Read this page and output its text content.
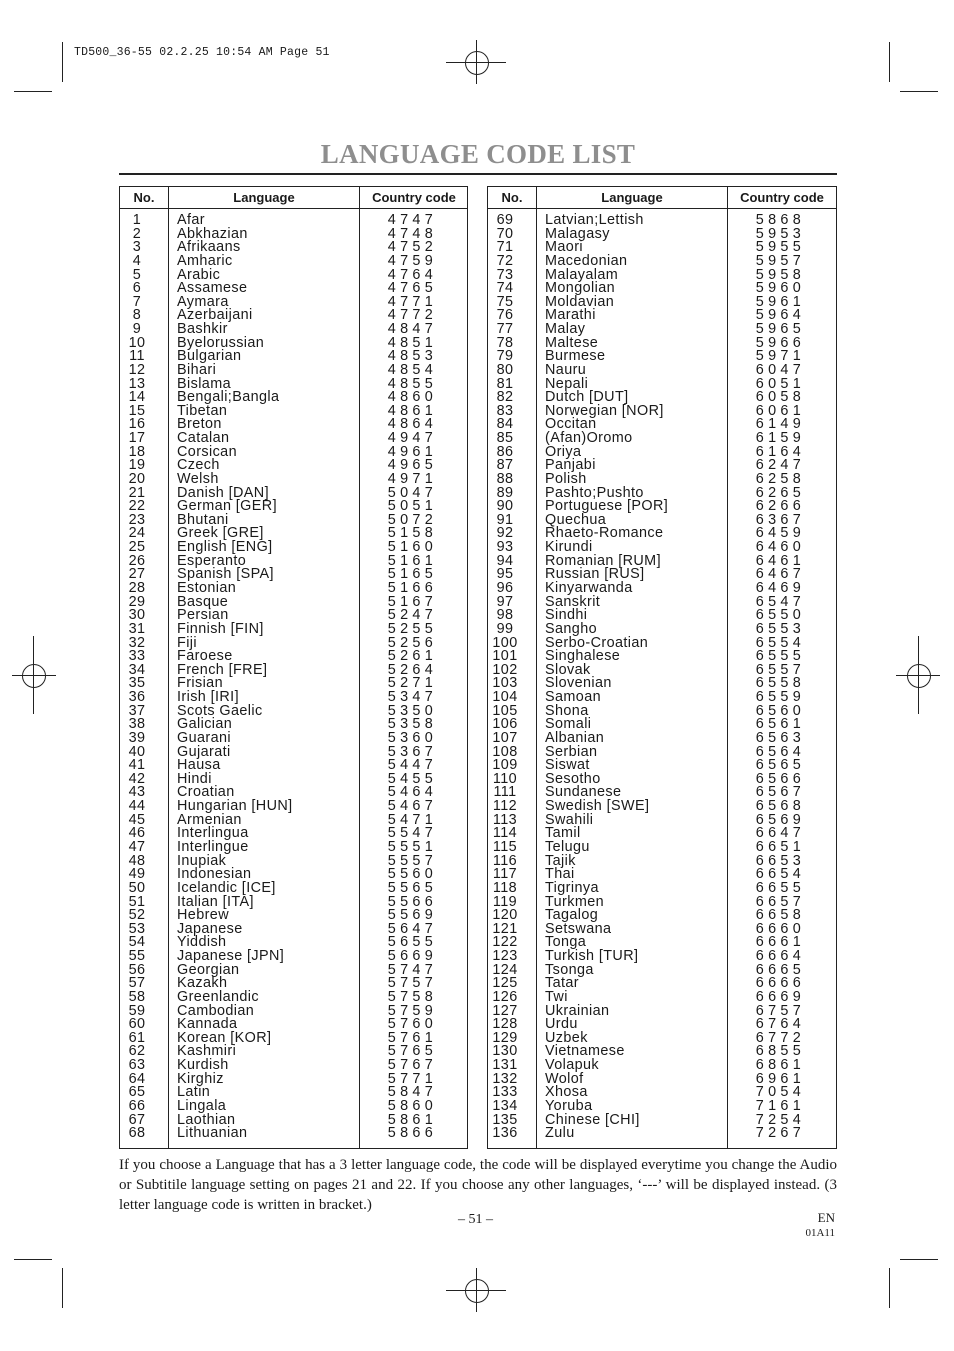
TD500_36-55 02.2.25 10:54 AM Page 51
LANGUAGE CODE LIST
No.	Language	Country code
1	Afar	4747
2	Abkhazian	4748
3	Afrikaans	4752
4	Amharic	4759
5	Arabic	4764
6	Assamese	4765
7	Aymara	4771
8	Azerbaijani	4772
9	Bashkir	4847
10	Byelorussian	4851
11	Bulgarian	4853
12	Bihari	4854
13	Bislama	4855
14	Bengali;Bangla	4860
15	Tibetan	4861
16	Breton	4864
17	Catalan	4947
18	Corsican	4961
19	Czech	4965
20	Welsh	4971
21	Danish [DAN]	5047
22	German [GER]	5051
23	Bhutani	5072
24	Greek [GRE]	5158
25	English [ENG]	5160
26	Esperanto	5161
27	Spanish [SPA]	5165
28	Estonian	5166
29	Basque	5167
30	Persian	5247
31	Finnish [FIN]	5255
32	Fiji	5256
33	Faroese	5261
34	French [FRE]	5264
35	Frisian	5271
36	Irish [IRI]	5347
37	Scots Gaelic	5350
38	Galician	5358
39	Guarani	5360
40	Gujarati	5367
41	Hausa	5447
42	Hindi	5455
43	Croatian	5464
44	Hungarian [HUN]	5467
45	Armenian	5471
46	Interlingua	5547
47	Interlingue	5551
48	Inupiak	5557
49	Indonesian	5560
50	Icelandic [ICE]	5565
51	Italian [ITA]	5566
52	Hebrew	5569
53	Japanese	5647
54	Yiddish	5655
55	Japanese [JPN]	5669
56	Georgian	5747
57	Kazakh	5757
58	Greenlandic	5758
59	Cambodian	5759
60	Kannada	5760
61	Korean [KOR]	5761
62	Kashmiri	5765
63	Kurdish	5767
64	Kirghiz	5771
65	Latin	5847
66	Lingala	5860
67	Laothian	5861
68	Lithuanian	5866
No.	Language	Country code
69	Latvian;Lettish	5868
70	Malagasy	5953
71	Maori	5955
72	Macedonian	5957
73	Malayalam	5958
74	Mongolian	5960
75	Moldavian	5961
76	Marathi	5964
77	Malay	5965
78	Maltese	5966
79	Burmese	5971
80	Nauru	6047
81	Nepali	6051
82	Dutch [DUT]	6058
83	Norwegian [NOR]	6061
84	Occitan	6149
85	(Afan)Oromo	6159
86	Oriya	6164
87	Panjabi	6247
88	Polish	6258
89	Pashto;Pushto	6265
90	Portuguese [POR]	6266
91	Quechua	6367
92	Rhaeto-Romance	6459
93	Kirundi	6460
94	Romanian [RUM]	6461
95	Russian [RUS]	6467
96	Kinyarwanda	6469
97	Sanskrit	6547
98	Sindhi	6550
99	Sangho	6553
100	Serbo-Croatian	6554
101	Singhalese	6555
102	Slovak	6557
103	Slovenian	6558
104	Samoan	6559
105	Shona	6560
106	Somali	6561
107	Albanian	6563
108	Serbian	6564
109	Siswat	6565
110	Sesotho	6566
111	Sundanese	6567
112	Swedish [SWE]	6568
113	Swahili	6569
114	Tamil	6647
115	Telugu	6651
116	Tajik	6653
117	Thai	6654
118	Tigrinya	6655
119	Turkmen	6657
120	Tagalog	6658
121	Setswana	6660
122	Tonga	6661
123	Turkish [TUR]	6664
124	Tsonga	6665
125	Tatar	6666
126	Twi	6669
127	Ukrainian	6757
128	Urdu	6764
129	Uzbek	6772
130	Vietnamese	6855
131	Volapuk	6861
132	Wolof	6961
133	Xhosa	7054
134	Yoruba	7161
135	Chinese [CHI]	7254
136	Zulu	7267

If you choose a Language that has a 3 letter language code, the code will be displayed everytime you change the Audio or Subtitile language setting on pages 21 and 22. If you choose any other languages, ‘---’ will be displayed instead. (3 letter language code is written in bracket.)

– 51 –	EN
01A11
